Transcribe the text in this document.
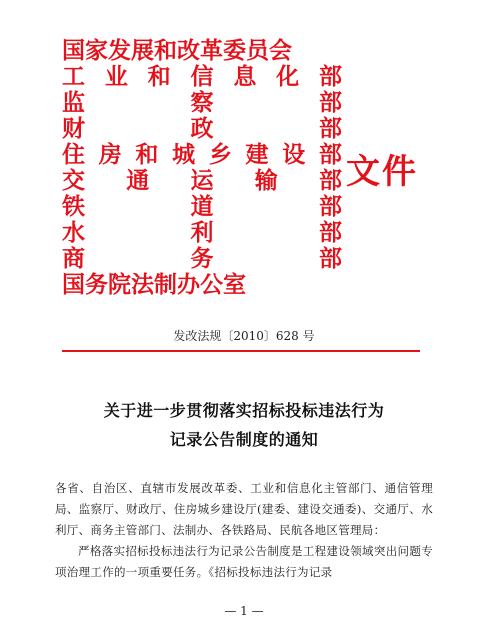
国家发展和改革委员会
工 业 和 信 息 化 部
监	察	部
财	政	部
住 房 和 城 乡 建 设 部
交 通 运 输 部
铁	道	部
水	利	部
商	务	部
国务院法制办公室
文件
发改法规〔2010〕628 号
关于进一步贯彻落实招标投标违法行为
记录公告制度的通知

各省、自治区、直辖市发展改革委、工业和信息化主管部门、通信管理局、监察厅、财政厅、住房城乡建设厅(建委、建设交通委)、交通厅、水利厅、商务主管部门、法制办、各铁路局、民航各地区管理局：

严格落实招标投标违法行为记录公告制度是工程建设领域突出问题专项治理工作的一项重要任务。《招标投标违法行为记录

— 1 —
